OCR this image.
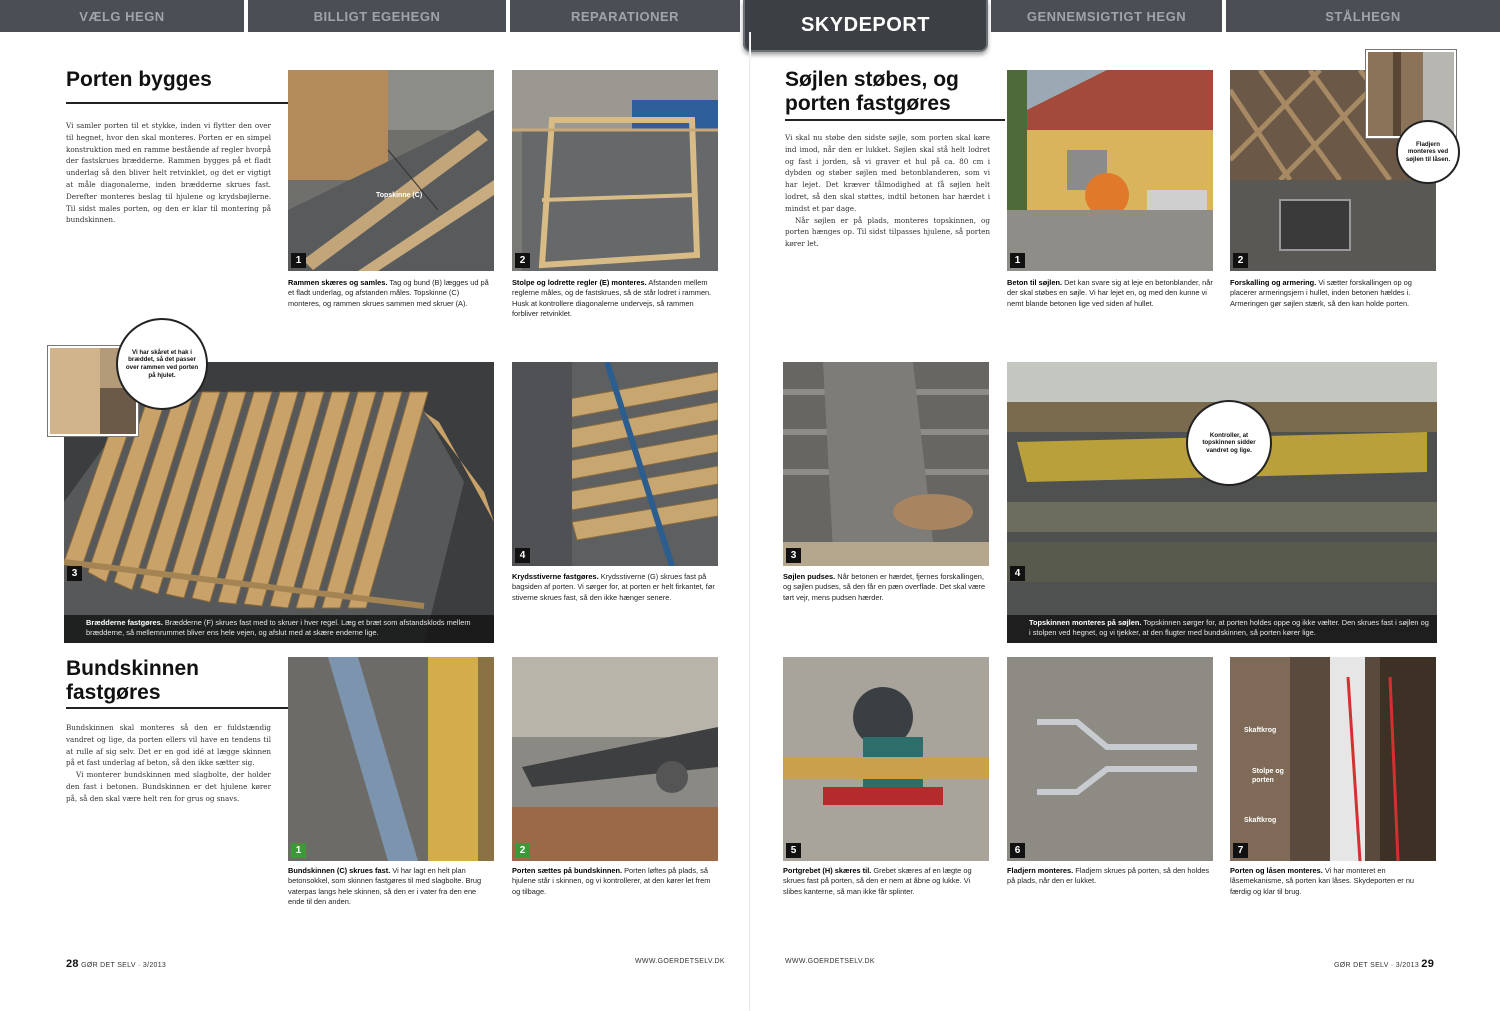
VÆLG HEGN	BILLIGT EGEHEGN	REPARATIONER	GENNEMSIGTIGT HEGN	STÅLHEGN
SKYDEPORT
Porten bygges

Vi samler porten til et stykke, inden vi flytter den over til hegnet, hvor den skal monteres. Porten er en simpel konstruktion med en ramme bestående af regler hvorpå der fastskrues brædderne. Rammen bygges på et fladt underlag så den bliver helt retvinklet, og det er vigtigt at måle diagonalerne, inden brædderne skrues fast. Derefter monteres beslag til hjulene og krydsbøjlerne. Til sidst males porten, og den er klar til montering på bundskinnen.

Topskinne (C)
1
Rammen skæres og samles. Tag og bund (B) lægges ud på et fladt underlag, og afstanden måles. Topskinne (C) monteres, og rammen skrues sammen med skruer (A).
2
Stolpe og lodrette regler (E) monteres. Afstanden mellem reglerne måles, og de fastskrues, så de står lodret i rammen. Husk at kontrollere diagonalerne undervejs, så rammen forbliver retvinklet.
3
Brædderne fastgøres. Brædderne (F) skrues fast med to skruer i hver regel. Læg et bræt som afstandsklods mellem brædderne, så mellemrummet bliver ens hele vejen, og afslut med at skære enderne lige.
Vi har skåret et hak i bræddet, så det passer over rammen ved porten på hjulet.
4
Krydsstiverne fastgøres. Krydsstiverne (G) skrues fast på bagsiden af porten. Vi sørger for, at porten er helt firkantet, før stiverne skrues fast, så den ikke hænger senere.
Bundskinnen fastgøres

Bundskinnen skal monteres så den er fuldstændig vandret og lige, da porten ellers vil have en tendens til at rulle af sig selv. Det er en god idé at lægge skinnen på et fast underlag af beton, så den ikke sætter sig.

Vi monterer bundskinnen med slagbolte, der holder den fast i betonen. Bundskinnen er det hjulene kører på, så den skal være helt ren for grus og snavs.

1
Bundskinnen (C) skrues fast. Vi har lagt en helt plan betonsokkel, som skinnen fastgøres til med slagbolte. Brug vaterpas langs hele skinnen, så den er i vater fra den ene ende til den anden.
2
Porten sættes på bundskinnen. Porten løftes på plads, så hjulene står i skinnen, og vi kontrollerer, at den kører let frem og tilbage.
28 GØR DET SELV · 3/2013
WWW.GOERDETSELV.DK
Søjlen støbes, og porten fastgøres

Vi skal nu støbe den sidste søjle, som porten skal køre ind imod, når den er lukket. Søjlen skal stå helt lodret og fast i jorden, så vi graver et hul på ca. 80 cm i dybden og støber søjlen med betonblanderen, som vi har lejet. Det kræver tålmodighed at få søjlen helt lodret, så den skal støttes, indtil betonen har hærdet i mindst et par dage.

Når søjlen er på plads, monteres topskinnen, og porten hænges op. Til sidst tilpasses hjulene, så porten kører let.

1
Beton til søjlen. Det kan svare sig at leje en betonblander, når der skal støbes en søjle. Vi har lejet en, og med den kunne vi nemt blande betonen lige ved siden af hullet.
2
Fladjern monteres ved søjlen til låsen.
Forskalling og armering. Vi sætter forskallingen op og placerer armeringsjern i hullet, inden betonen hældes i. Armeringen gør søjlen stærk, så den kan holde porten.
3
Søjlen pudses. Når betonen er hærdet, fjernes forskallingen, og søjlen pudses, så den får en pæn overflade. Det skal være tørt vejr, mens pudsen hærder.
4
Topskinnen monteres på søjlen. Topskinnen sørger for, at porten holdes oppe og ikke vælter. Den skrues fast i søjlen og i stolpen ved hegnet, og vi tjekker, at den flugter med bundskinnen, så porten kører lige.
Kontroller, at topskinnen sidder vandret og lige.
5
Portgrebet (H) skæres til. Grebet skæres af en lægte og skrues fast på porten, så den er nem at åbne og lukke. Vi slibes kanterne, så man ikke får splinter.
6
Fladjern monteres. Fladjern skrues på porten, så den holdes på plads, når den er lukket.
Skaftkrog
Stolpe og porten
Skaftkrog
7
Porten og låsen monteres. Vi har monteret en låsemekanisme, så porten kan låses. Skydeporten er nu færdig og klar til brug.
WWW.GOERDETSELV.DK
GØR DET SELV · 3/2013 29
